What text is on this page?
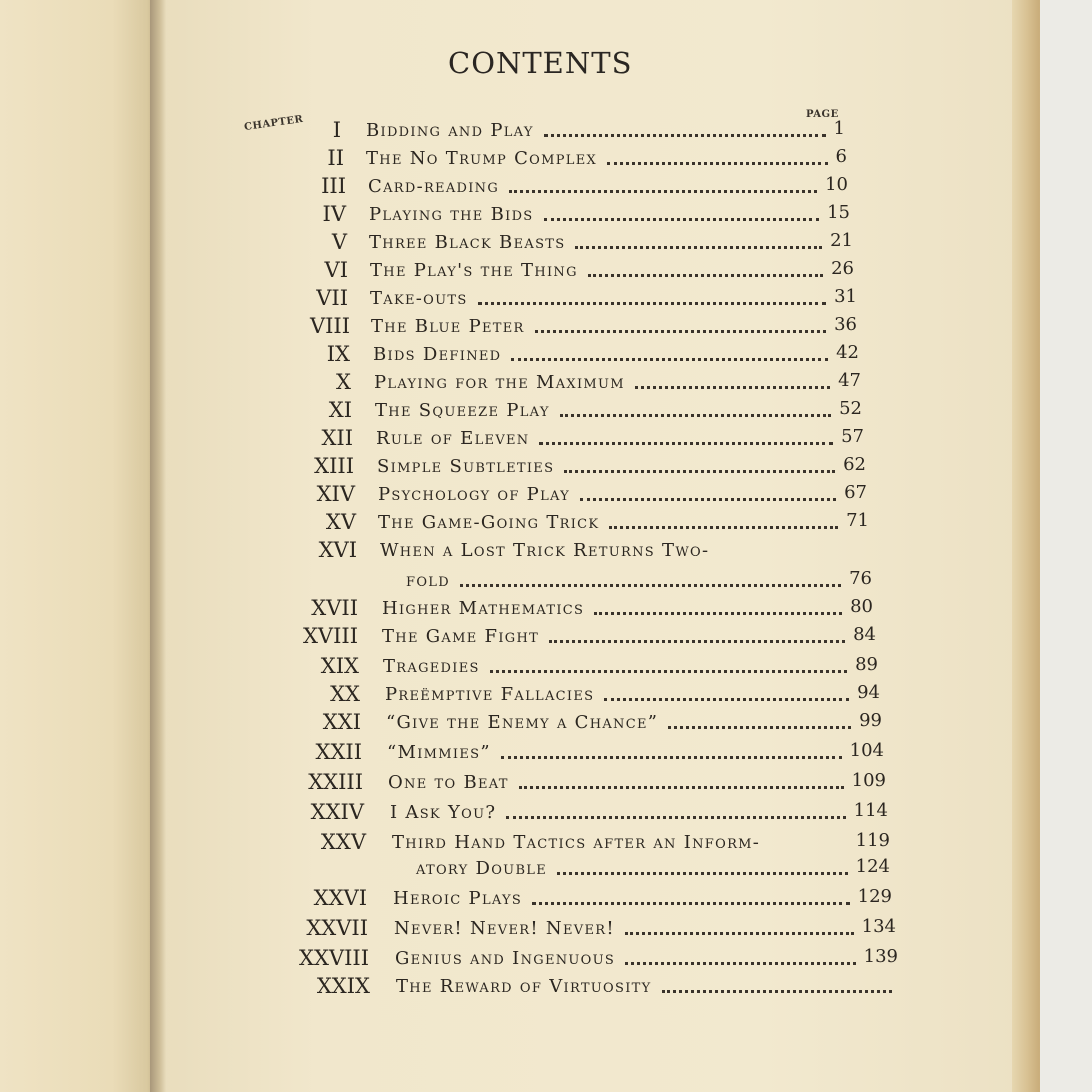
CONTENTS
CHAPTER	PAGE
I Bidding and Play	1
II The No Trump Complex	6
III Card-reading	10
IV Playing the Bids	15
V Three Black Beasts	21
VI The Play's the Thing	26
VII Take-outs	31
VIII The Blue Peter	36
IX Bids Defined	42
X Playing for the Maximum	47
XI The Squeeze Play	52
XII Rule of Eleven	57
XIII Simple Subtleties	62
XIV Psychology of Play	67
XV The Game-Going Trick	71
XVI When a Lost Trick Returns Two-
fold	76
XVII Higher Mathematics	80
XVIII The Game Fight	84
XIX Tragedies	89
XX Preëmptive Fallacies	94
XXI “Give the Enemy a Chance”	99
XXII “Mimmies”	104
XXIII One to Beat	109
XXIV I Ask You?	114
XXV Third Hand Tactics after an Inform-	119
atory Double	124
XXVI Heroic Plays	129
XXVII Never! Never! Never!	134
XXVIII Genius and Ingenuous	139
XXIX The Reward of Virtuosity
